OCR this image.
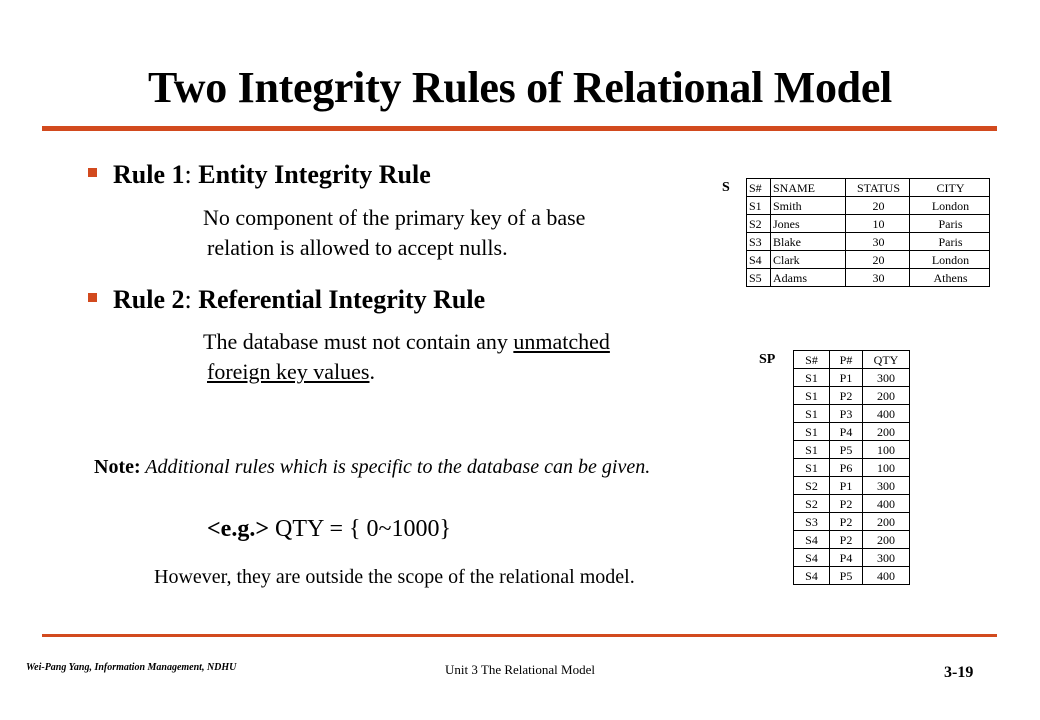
Two Integrity Rules of Relational Model
Rule 1: Entity Integrity Rule
No component of the primary key of a base
relation is allowed to accept nulls.
Rule 2: Referential Integrity Rule
The database must not contain any unmatched
foreign key values.
Note: Additional rules which is specific to the database can be given.
<e.g.> QTY = { 0~1000}
However, they are outside the scope of the relational model.
S S#	SNAME	STATUS	CITY
S1	Smith	20	London
S2	Jones	10	Paris
S3	Blake	30	Paris
S4	Clark	20	London
S5	Adams	30	Athens
SP S#	P#	QTY
S1	P1	300
S1	P2	200
S1	P3	400
S1	P4	200
S1	P5	100
S1	P6	100
S2	P1	300
S2	P2	400
S3	P2	200
S4	P2	200
S4	P4	300
S4	P5	400
Wei-Pang Yang, Information Management, NDHU	Unit 3 The Relational Model	3-19
